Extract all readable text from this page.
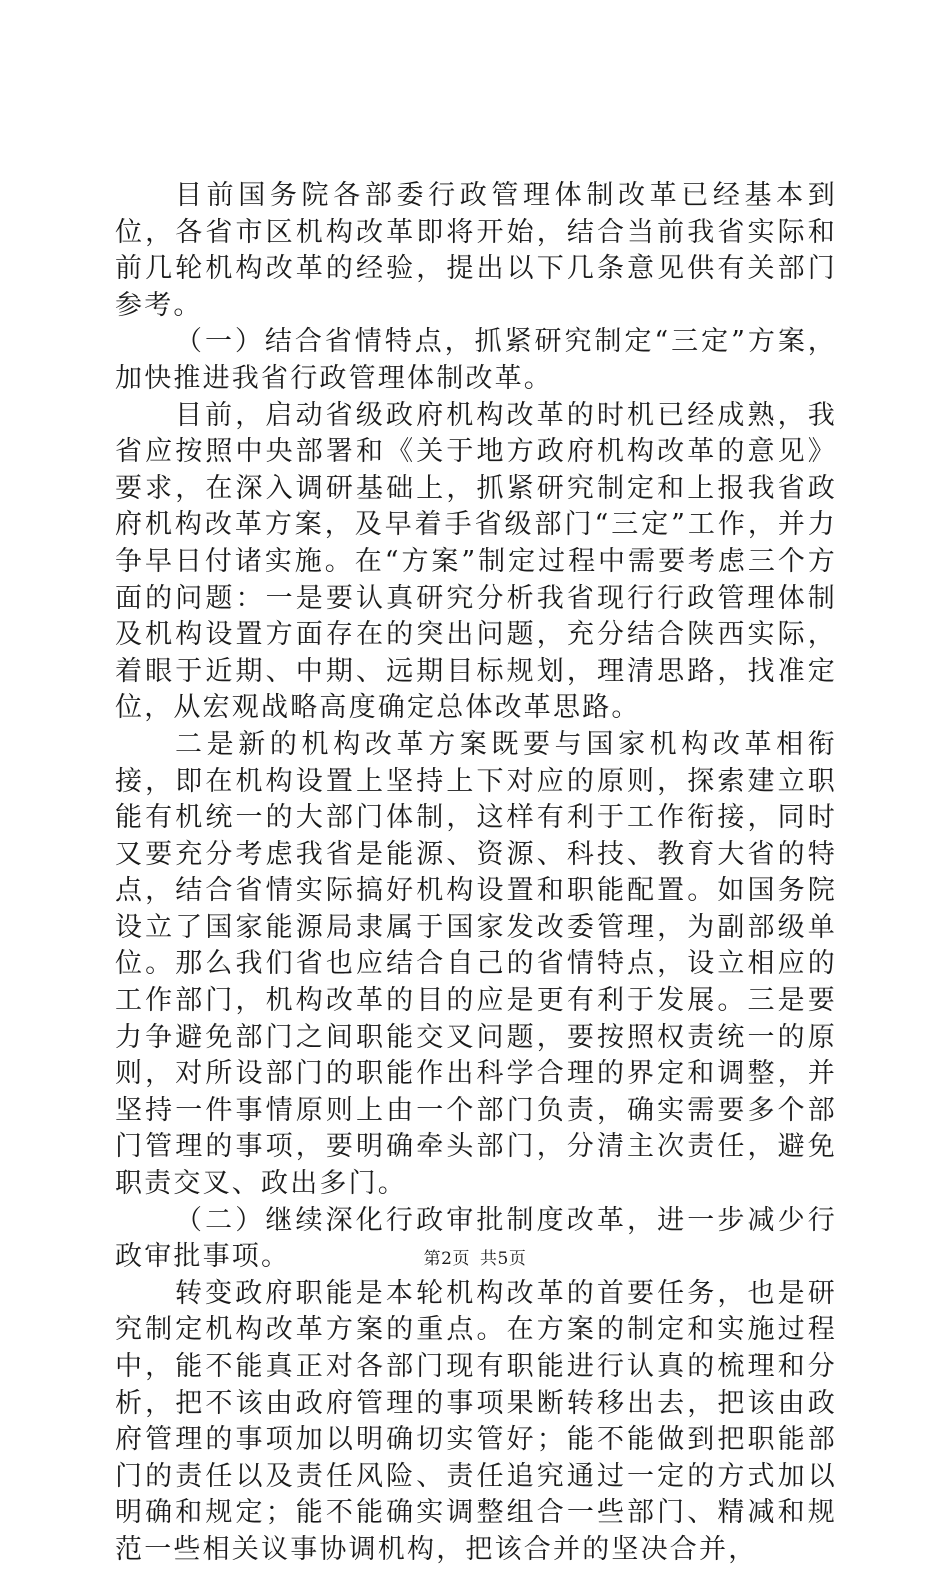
目前国务院各部委行政管理体制改革已经基本到位，各省市区机构改革即将开始，结合当前我省实际和前几轮机构改革的经验，提出以下几条意见供有关部门参考。

（一）结合省情特点，抓紧研究制定“三定”方案，加快推进我省行政管理体制改革。

目前，启动省级政府机构改革的时机已经成熟，我省应按照中央部署和《关于地方政府机构改革的意见》要求，在深入调研基础上，抓紧研究制定和上报我省政府机构改革方案，及早着手省级部门“三定”工作，并力争早日付诸实施。在“方案”制定过程中需要考虑三个方面的问题：一是要认真研究分析我省现行行政管理体制及机构设置方面存在的突出问题，充分结合陕西实际，着眼于近期、中期、远期目标规划，理清思路，找准定位，从宏观战略高度确定总体改革思路。

二是新的机构改革方案既要与国家机构改革相衔接，即在机构设置上坚持上下对应的原则，探索建立职能有机统一的大部门体制，这样有利于工作衔接，同时又要充分考虑我省是能源、资源、科技、教育大省的特点，结合省情实际搞好机构设置和职能配置。如国务院设立了国家能源局隶属于国家发改委管理，为副部级单位。那么我们省也应结合自己的省情特点，设立相应的工作部门，机构改革的目的应是更有利于发展。三是要力争避免部门之间职能交叉问题，要按照权责统一的原则，对所设部门的职能作出科学合理的界定和调整，并坚持一件事情原则上由一个部门负责，确实需要多个部门管理的事项，要明确牵头部门，分清主次责任，避免职责交叉、政出多门。

（二）继续深化行政审批制度改革，进一步减少行政审批事项。

转变政府职能是本轮机构改革的首要任务，也是研究制定机构改革方案的重点。在方案的制定和实施过程中，能不能真正对各部门现有职能进行认真的梳理和分析，把不该由政府管理的事项果断转移出去，把该由政府管理的事项加以明确切实管好；能不能做到把职能部门的责任以及责任风险、责任追究通过一定的方式加以明确和规定；能不能确实调整组合一些部门、精减和规范一些相关议事协调机构，把该合并的坚决合并，

第2页 共5页
